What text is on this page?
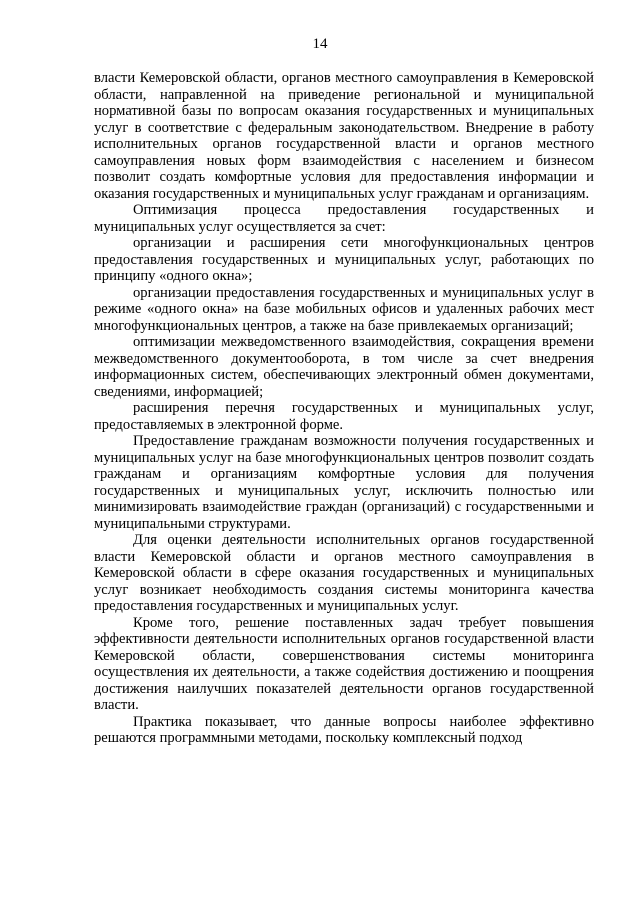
14

власти Кемеровской области, органов местного самоуправления в Кемеровской области, направленной на приведение региональной и муниципальной нормативной базы по вопросам оказания государственных и муниципальных услуг в соответствие с федеральным законодательством. Внедрение в работу исполнительных органов государственной власти и органов местного самоуправления новых форм взаимодействия с населением и бизнесом позволит создать комфортные условия для предоставления информации и оказания государственных и муниципальных услуг гражданам и организациям.

Оптимизация процесса предоставления государственных и муниципальных услуг осуществляется за счет:

организации и расширения сети многофункциональных центров предоставления государственных и муниципальных услуг, работающих по принципу «одного окна»;

организации предоставления государственных и муниципальных услуг в режиме «одного окна» на базе мобильных офисов и удаленных рабочих мест многофункциональных центров, а также на базе привлекаемых организаций;

оптимизации межведомственного взаимодействия, сокращения времени межведомственного документооборота, в том числе за счет внедрения информационных систем, обеспечивающих электронный обмен документами, сведениями, информацией;

расширения перечня государственных и муниципальных услуг, предоставляемых в электронной форме.

Предоставление гражданам возможности получения государственных и муниципальных услуг на базе многофункциональных центров позволит создать гражданам и организациям комфортные условия для получения государственных и муниципальных услуг, исключить полностью или минимизировать взаимодействие граждан (организаций) с государственными и муниципальными структурами.

Для оценки деятельности исполнительных органов государственной власти Кемеровской области и органов местного самоуправления в Кемеровской области в сфере оказания государственных и муниципальных услуг возникает необходимость создания системы мониторинга качества предоставления государственных и муниципальных услуг.

Кроме того, решение поставленных задач требует повышения эффективности деятельности исполнительных органов государственной власти Кемеровской области, совершенствования системы мониторинга осуществления их деятельности, а также содействия достижению и поощрения достижения наилучших показателей деятельности органов государственной власти.

Практика показывает, что данные вопросы наиболее эффективно решаются программными методами, поскольку комплексный подход
